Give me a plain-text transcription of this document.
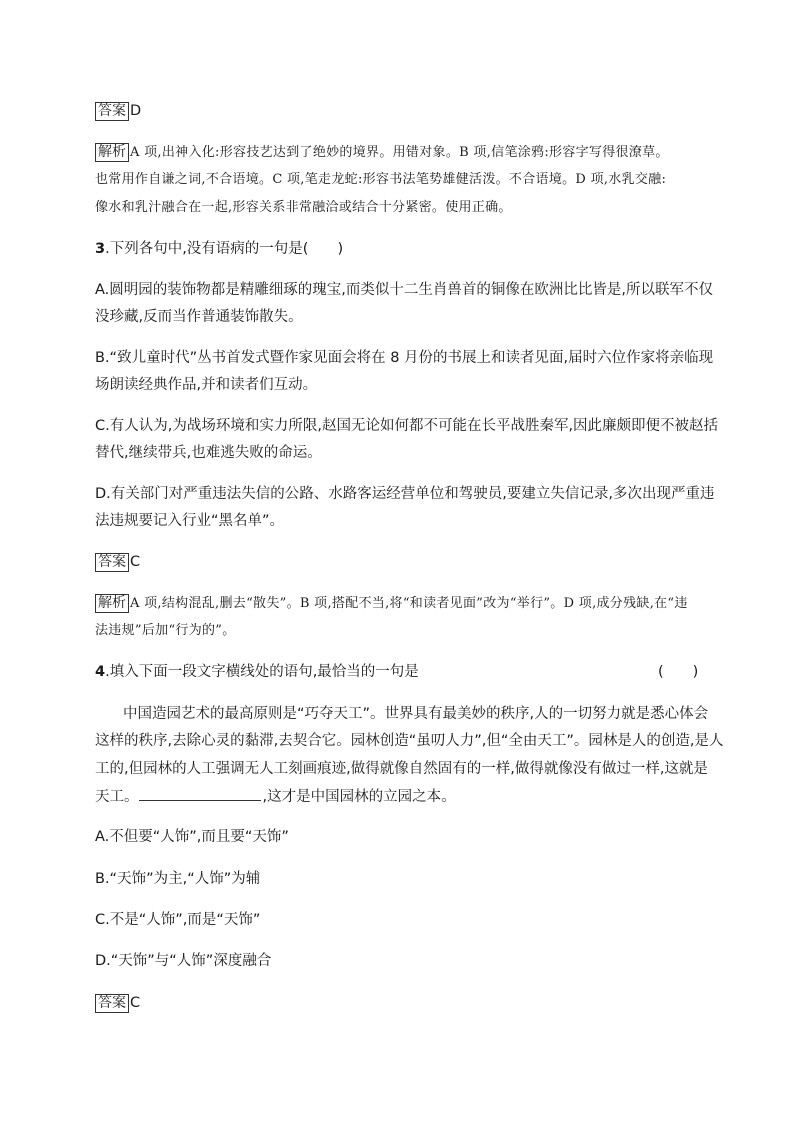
答案 D
解析 A 项,出神入化:形容技艺达到了绝妙的境界。用错对象。B 项,信笔涂鸦:形容字写得很潦草。
也常用作自谦之词,不合语境。C 项,笔走龙蛇:形容书法笔势雄健活泼。不合语境。D 项,水乳交融:
像水和乳汁融合在一起,形容关系非常融洽或结合十分紧密。使用正确。
3.下列各句中,没有语病的一句是(　　)
A.圆明园的装饰物都是精雕细琢的瑰宝,而类似十二生肖兽首的铜像在欧洲比比皆是,所以联军不仅
没珍藏,反而当作普通装饰散失。
B.“致儿童时代”丛书首发式暨作家见面会将在 8 月份的书展上和读者见面,届时六位作家将亲临现
场朗读经典作品,并和读者们互动。
C.有人认为,为战场环境和实力所限,赵国无论如何都不可能在长平战胜秦军,因此廉颇即便不被赵括
替代,继续带兵,也难逃失败的命运。
D.有关部门对严重违法失信的公路、水路客运经营单位和驾驶员,要建立失信记录,多次出现严重违
法违规要记入行业“黑名单”。
答案 C
解析 A 项,结构混乱,删去“散失”。B 项,搭配不当,将“和读者见面”改为“举行”。D 项,成分残缺,在“违
法违规”后加“行为的”。
4.填入下面一段文字横线处的语句,最恰当的一句是	(　　)
中国造园艺术的最高原则是“巧夺天工”。世界具有最美妙的秩序,人的一切努力就是悉心体会
这样的秩序,去除心灵的黏滞,去契合它。园林创造“虽叨人力”,但“全由天工”。园林是人的创造,是人
工的,但园林的人工强调无人工刻画痕迹,做得就像自然固有的一样,做得就像没有做过一样,这就是
天工。	,这才是中国园林的立园之本。
A.不但要“人饰”,而且要“天饰”
B.“天饰”为主,“人饰”为辅
C.不是“人饰”,而是“天饰”
D.“天饰”与“人饰”深度融合
答案 C
